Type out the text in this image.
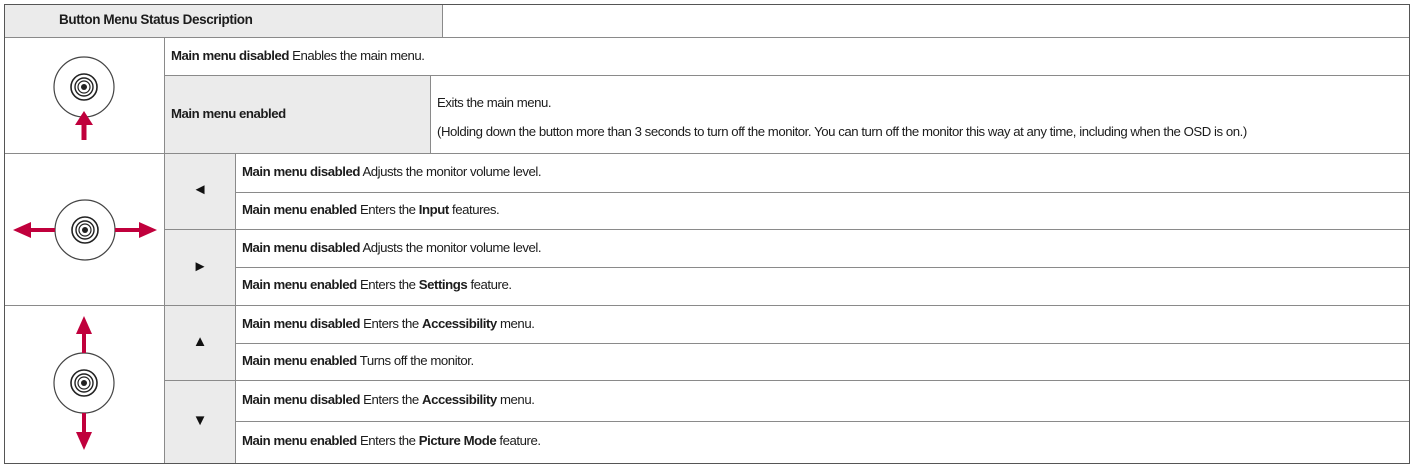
Button Menu Status Description
Main menu disabled Enables the main menu.
Main menu enabled
Exits the main menu.
(Holding down the button more than 3 seconds to turn off the monitor. You can turn off the monitor this way at any time, including when the OSD is on.)
◄
Main menu disabled Adjusts the monitor volume level.
Main menu enabled Enters the Input features.
►
Main menu disabled Adjusts the monitor volume level.
Main menu enabled Enters the Settings feature.
▲
Main menu disabled Enters the Accessibility menu.
Main menu enabled Turns off the monitor.
▼
Main menu disabled Enters the Accessibility menu.
Main menu enabled Enters the Picture Mode feature.
